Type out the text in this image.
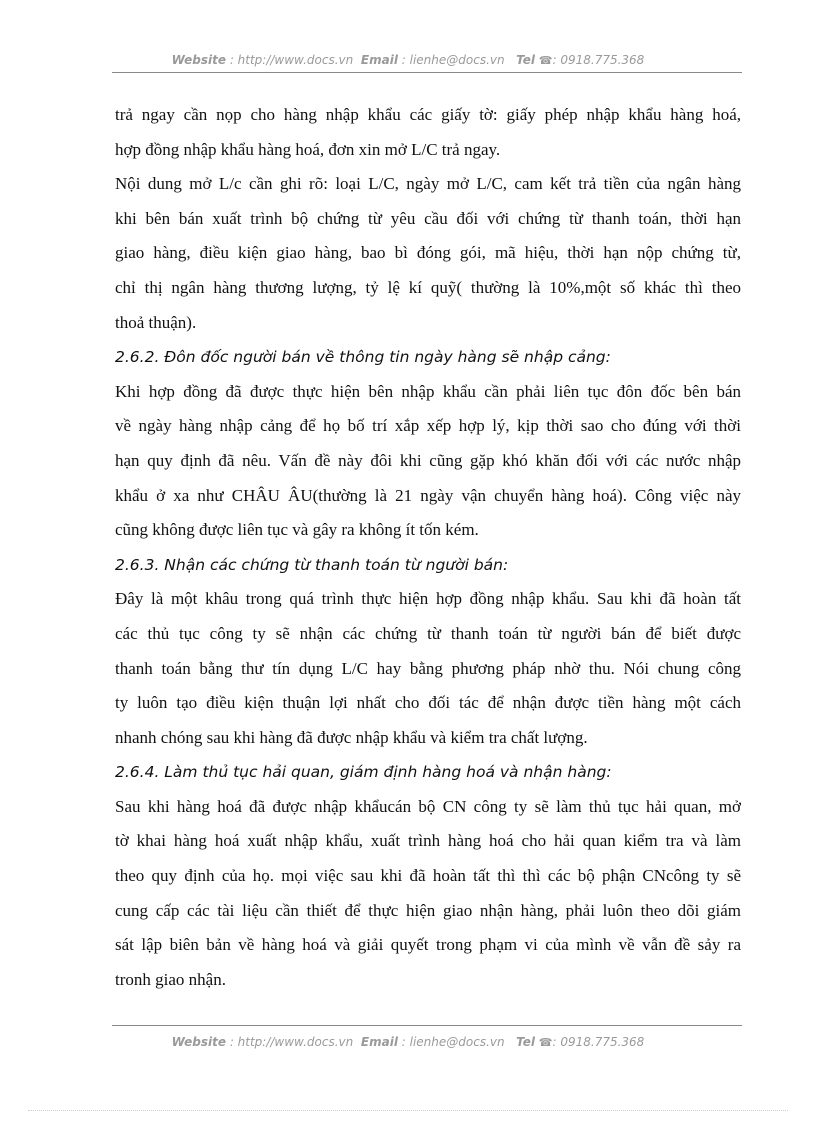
Website : http://www.docs.vn Email : lienhe@docs.vn Tel ☎: 0918.775.368
trả ngay cần nọp cho hàng nhập khẩu các giấy tờ: giấy phép nhập khẩu hàng hoá,
hợp đồng nhập khẩu hàng hoá, đơn xin mở L/C trả ngay.
Nội dung mở L/c cần ghi rõ: loại L/C, ngày mở L/C, cam kết trả tiền của ngân hàng
khi bên bán xuất trình bộ chứng từ yêu cầu đối với chứng từ thanh toán, thời hạn
giao hàng, điều kiện giao hàng, bao bì đóng gói, mã hiệu, thời hạn nộp chứng từ,
chỉ thị ngân hàng thương lượng, tỷ lệ kí quỹ( thường là 10%,một số khác thì theo
thoả thuận).
2.6.2. Đôn đốc người bán về thông tin ngày hàng sẽ nhập cảng:
Khi hợp đồng đã được thực hiện bên nhập khẩu cần phải liên tục đôn đốc bên bán
về ngày hàng nhập cảng để họ bố trí xắp xếp hợp lý, kịp thời sao cho đúng với thời
hạn quy định đã nêu. Vấn đề này đôi khi cũng gặp khó khăn đối với các nước nhập
khẩu ở xa như CHÂU ÂU(thường là 21 ngày vận chuyển hàng hoá). Công việc này
cũng không được liên tục và gây ra không ít tốn kém.
2.6.3. Nhận các chứng từ thanh toán từ người bán:
Đây là một khâu trong quá trình thực hiện hợp đồng nhập khẩu. Sau khi đã hoàn tất
các thủ tục công ty sẽ nhận các chứng từ thanh toán từ người bán để biết được
thanh toán bằng thư tín dụng L/C hay bằng phương pháp nhờ thu. Nói chung công
ty luôn tạo điều kiện thuận lợi nhất cho đối tác để nhận được tiền hàng một cách
nhanh chóng sau khi hàng đã được nhập khẩu và kiểm tra chất lượng.
2.6.4. Làm thủ tục hải quan, giám định hàng hoá và nhận hàng:
Sau khi hàng hoá đã được nhập khẩucán bộ CN công ty sẽ làm thủ tục hải quan, mở
tờ khai hàng hoá xuất nhập khẩu, xuất trình hàng hoá cho hải quan kiểm tra và làm
theo quy định của họ. mọi việc sau khi đã hoàn tất thì thì các bộ phận CNcông ty sẽ
cung cấp các tài liệu cần thiết để thực hiện giao nhận hàng, phải luôn theo dõi giám
sát lập biên bản về hàng hoá và giải quyết trong phạm vi của mình về vẫn đề sảy ra
tronh giao nhận.
Website : http://www.docs.vn Email : lienhe@docs.vn Tel ☎: 0918.775.368
